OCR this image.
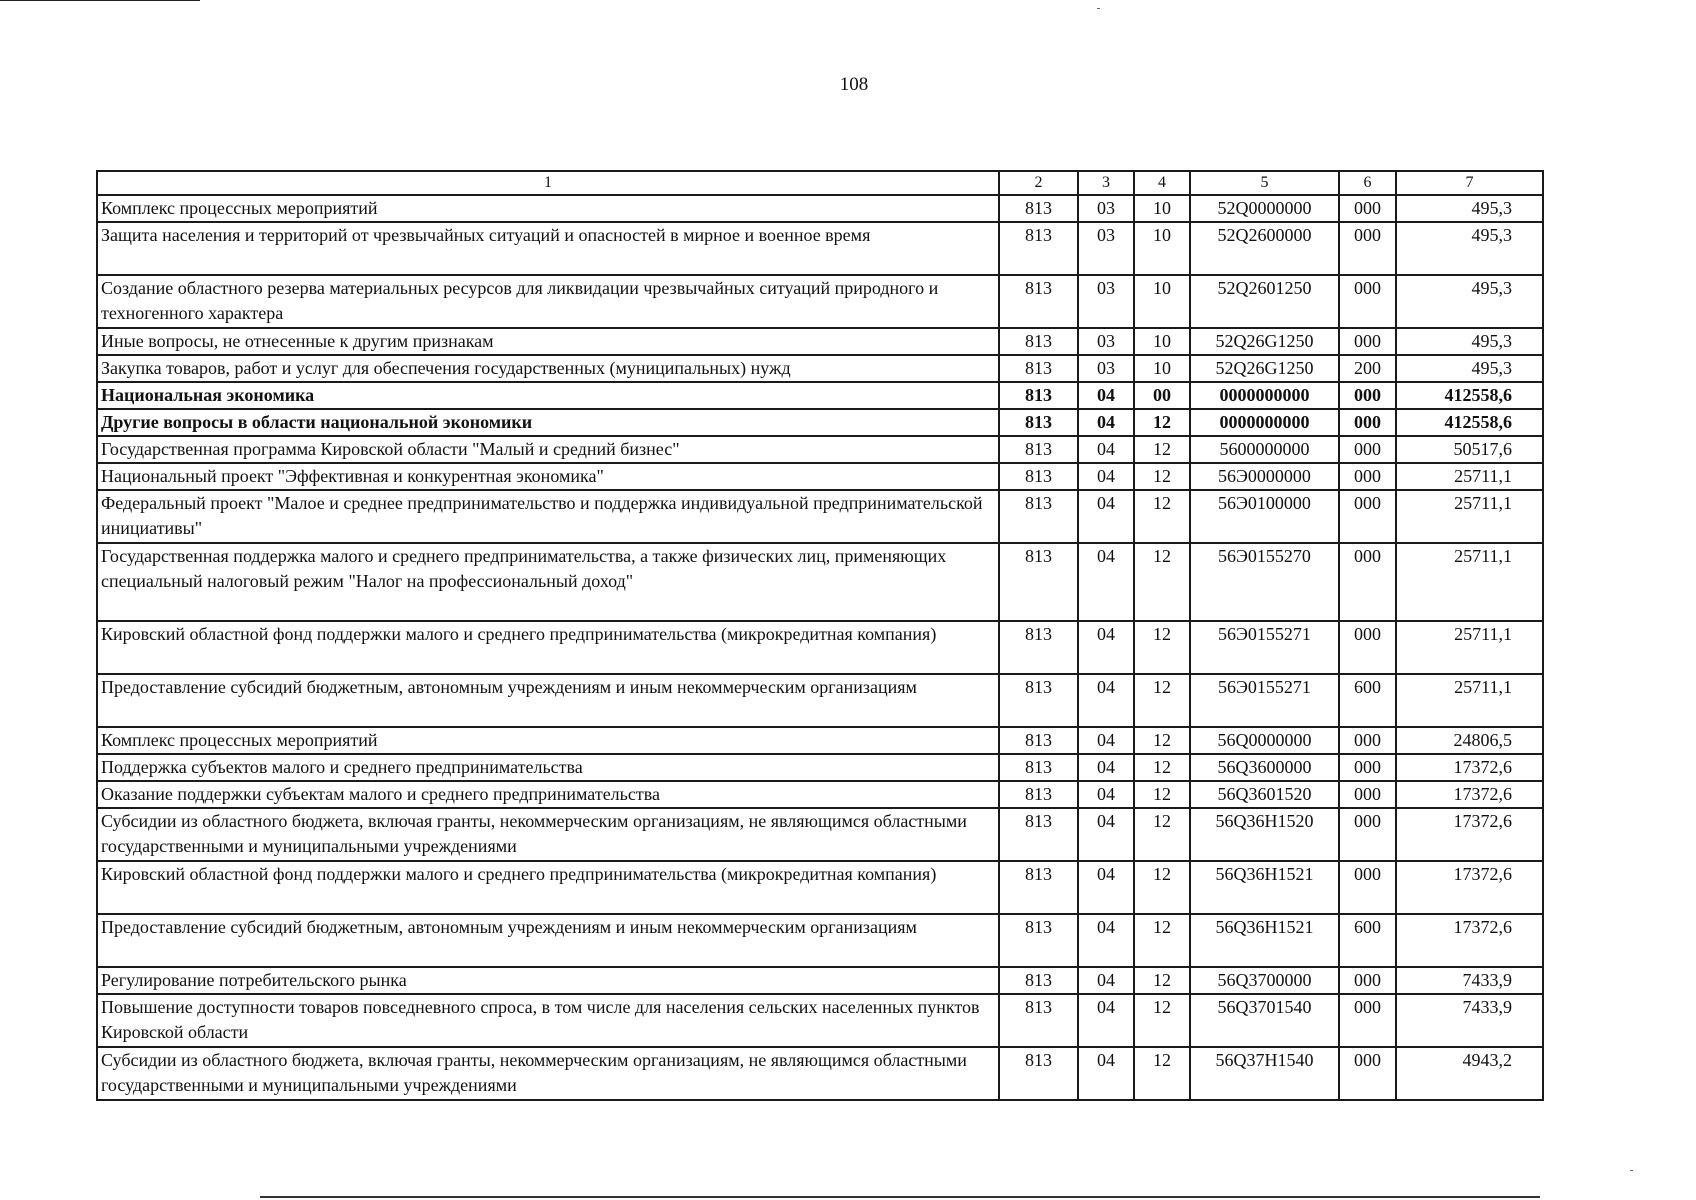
108
1	2	3	4	5	6	7
Комплекс процессных мероприятий	813	03	10	52Q0000000	000	495,3
Защита населения и территорий от чрезвычайных ситуаций и опасностей в мирное и военное время	813	03	10	52Q2600000	000	495,3
Создание областного резерва материальных ресурсов для ликвидации чрезвычайных ситуаций природного и техногенного характера	813	03	10	52Q2601250	000	495,3
Иные вопросы, не отнесенные к другим признакам	813	03	10	52Q26G1250	000	495,3
Закупка товаров, работ и услуг для обеспечения государственных (муниципальных) нужд	813	03	10	52Q26G1250	200	495,3
Национальная экономика	813	04	00	0000000000	000	412558,6
Другие вопросы в области национальной экономики	813	04	12	0000000000	000	412558,6
Государственная программа Кировской области "Малый и средний бизнес"	813	04	12	5600000000	000	50517,6
Национальный проект "Эффективная и конкурентная экономика"	813	04	12	56Э0000000	000	25711,1
Федеральный проект "Малое и среднее предпринимательство и поддержка индивидуальной предпринимательской инициативы"	813	04	12	56Э0100000	000	25711,1
Государственная поддержка малого и среднего предпринимательства, а также физических лиц, применяющих специальный налоговый режим "Налог на профессиональный доход"	813	04	12	56Э0155270	000	25711,1
Кировский областной фонд поддержки малого и среднего предпринимательства (микрокредитная компания)	813	04	12	56Э0155271	000	25711,1
Предоставление субсидий бюджетным, автономным учреждениям и иным некоммерческим организациям	813	04	12	56Э0155271	600	25711,1
Комплекс процессных мероприятий	813	04	12	56Q0000000	000	24806,5
Поддержка субъектов малого и среднего предпринимательства	813	04	12	56Q3600000	000	17372,6
Оказание поддержки субъектам малого и среднего предпринимательства	813	04	12	56Q3601520	000	17372,6
Субсидии из областного бюджета, включая гранты, некоммерческим организациям, не являющимся областными государственными и муниципальными учреждениями	813	04	12	56Q36H1520	000	17372,6
Кировский областной фонд поддержки малого и среднего предпринимательства (микрокредитная компания)	813	04	12	56Q36H1521	000	17372,6
Предоставление субсидий бюджетным, автономным учреждениям и иным некоммерческим организациям	813	04	12	56Q36H1521	600	17372,6
Регулирование потребительского рынка	813	04	12	56Q3700000	000	7433,9
Повышение доступности товаров повседневного спроса, в том числе для населения сельских населенных пунктов Кировской области	813	04	12	56Q3701540	000	7433,9
Субсидии из областного бюджета, включая гранты, некоммерческим организациям, не являющимся областными государственными и муниципальными учреждениями	813	04	12	56Q37H1540	000	4943,2
